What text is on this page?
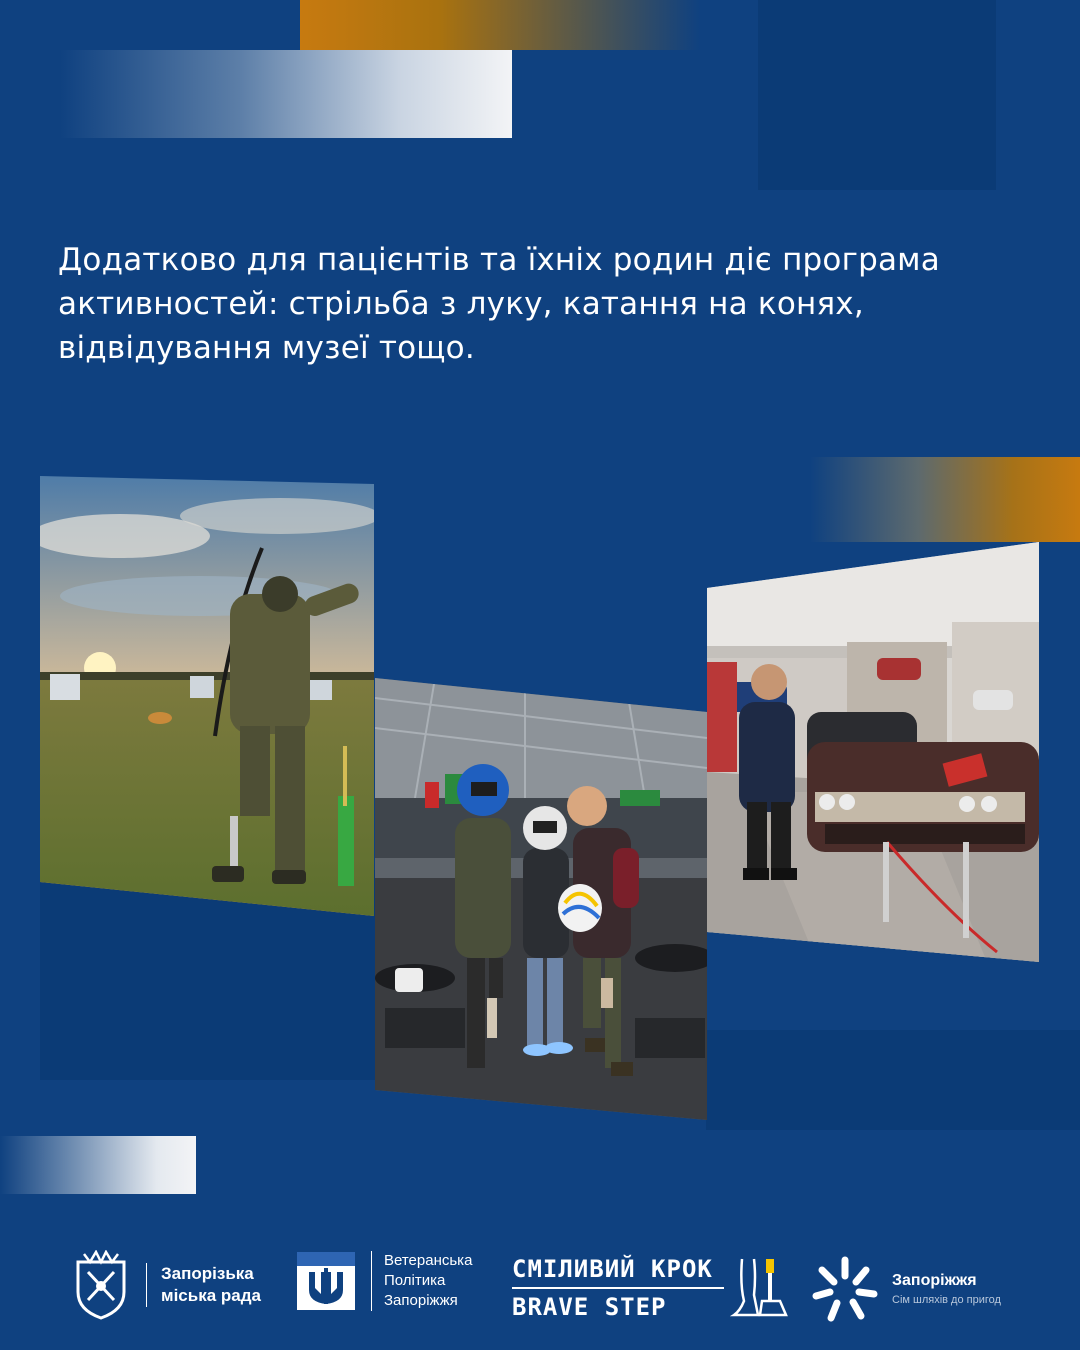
Додатково для пацієнтів та їхніх родин діє програма активностей: стрільба з луку, катання на конях, відвідування музеї тощо.

Запорізька
міська рада
Ветеранська
Політика
Запоріжжя
СМІЛИВИЙ КРОК
BRAVE STEP
Запоріжжя
Сім шляхів до пригод
